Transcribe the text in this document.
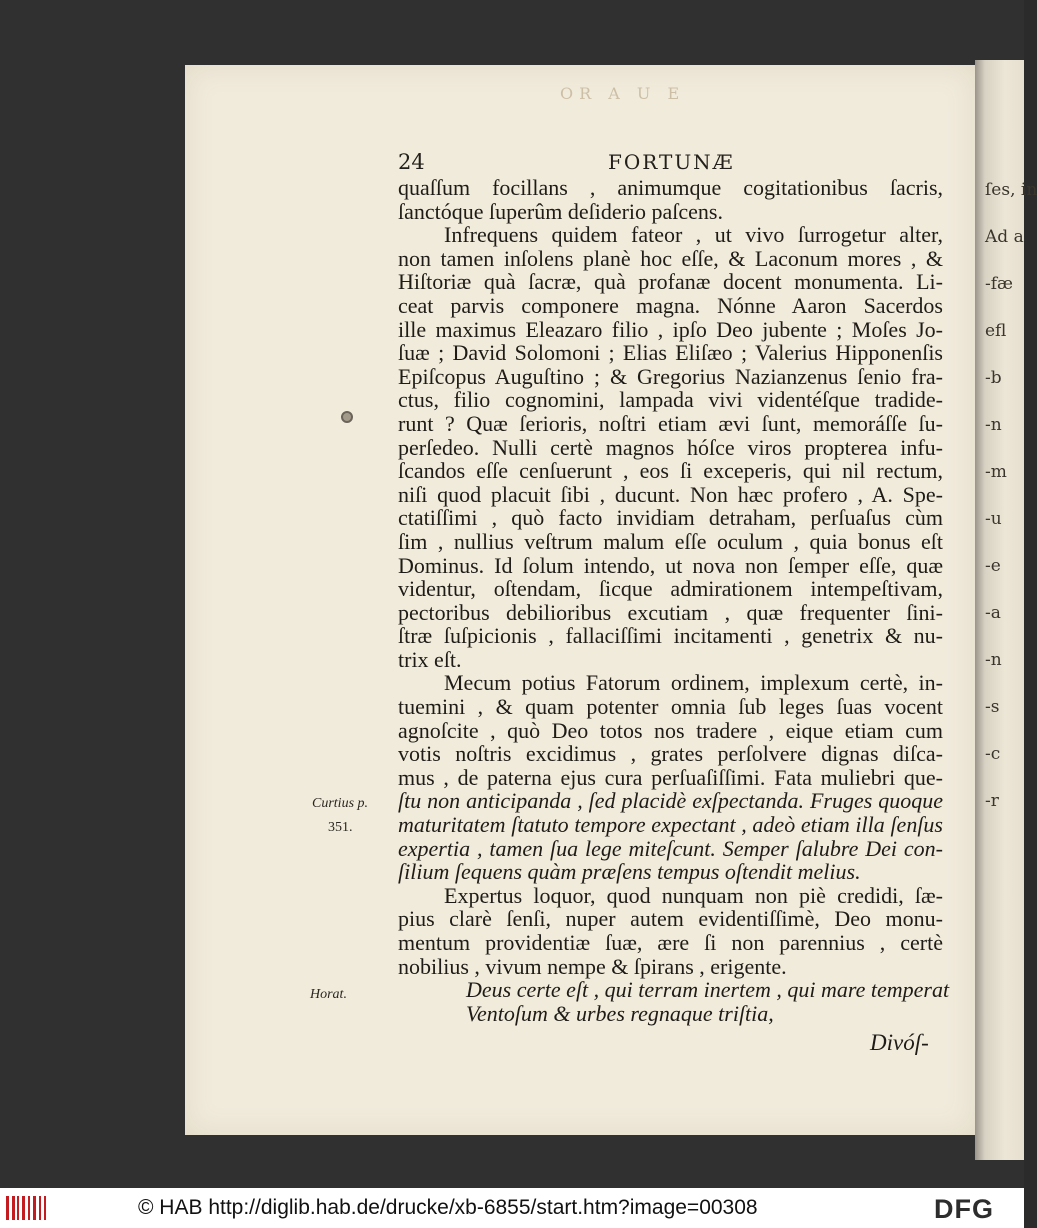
ſes, in
Ad a
-fæ
efl
-b
-n
-m
-u
-e
-a
-n
-s
-c
-r
OR A U E
24	FORTUNÆ
quaſſum focillans , animumque cogitationibus ſacris,
ſanctóque ſuperûm deſiderio paſcens.
Infrequens quidem fateor , ut vivo ſurrogetur alter,
non tamen inſolens planè hoc eſſe, & Laconum mores , &
Hiſtoriæ quà ſacræ, quà profanæ docent monumenta. Li-
ceat parvis componere magna. Nónne Aaron Sacerdos
ille maximus Eleazaro filio , ipſo Deo jubente ; Moſes Jo-
ſuæ ; David Solomoni ; Elias Eliſæo ; Valerius Hipponenſis
Epiſcopus Auguſtino ; & Gregorius Nazianzenus ſenio fra-
ctus, filio cognomini, lampada vivi videntéſque tradide-
runt ? Quæ ſerioris, noſtri etiam ævi ſunt, memoráſſe ſu-
perſedeo. Nulli certè magnos hóſce viros propterea infu-
ſcandos eſſe cenſuerunt , eos ſi exceperis, qui nil rectum,
niſi quod placuit ſibi , ducunt. Non hæc profero , A. Spe-
ctatiſſimi , quò facto invidiam detraham, perſuaſus cùm
ſim , nullius veſtrum malum eſſe oculum , quia bonus eſt
Dominus. Id ſolum intendo, ut nova non ſemper eſſe, quæ
videntur, oſtendam, ſicque admirationem intempeſtivam,
pectoribus debilioribus excutiam , quæ frequenter ſini-
ſtræ ſuſpicionis , fallaciſſimi incitamenti , genetrix & nu-
trix eſt.
Mecum potius Fatorum ordinem, implexum certè, in-
tuemini , & quam potenter omnia ſub leges ſuas vocent
agnoſcite , quò Deo totos nos tradere , eique etiam cum
votis noſtris excidimus , grates perſolvere dignas diſca-
mus , de paterna ejus cura perſuaſiſſimi. Fata muliebri que-
ſtu non anticipanda , ſed placidè exſpectanda. Fruges quoque
maturitatem ſtatuto tempore expectant , adeò etiam illa ſenſus
expertia , tamen ſua lege miteſcunt. Semper ſalubre Dei con-
ſilium ſequens quàm præſens tempus oſtendit melius.
Expertus loquor, quod nunquam non piè credidi, ſæ-
pius clarè ſenſi, nuper autem evidentiſſimè, Deo monu-
mentum providentiæ ſuæ, ære ſi non parennius , certè
nobilius , vivum nempe & ſpirans , erigente.
Deus certe eſt , qui terram inertem , qui mare temperat
Ventoſum & urbes regnaque triſtia,
Divóſ-
Curtius p.
351.
Horat.
© HAB http://diglib.hab.de/drucke/xb-6855/start.htm?image=00308	DFG
